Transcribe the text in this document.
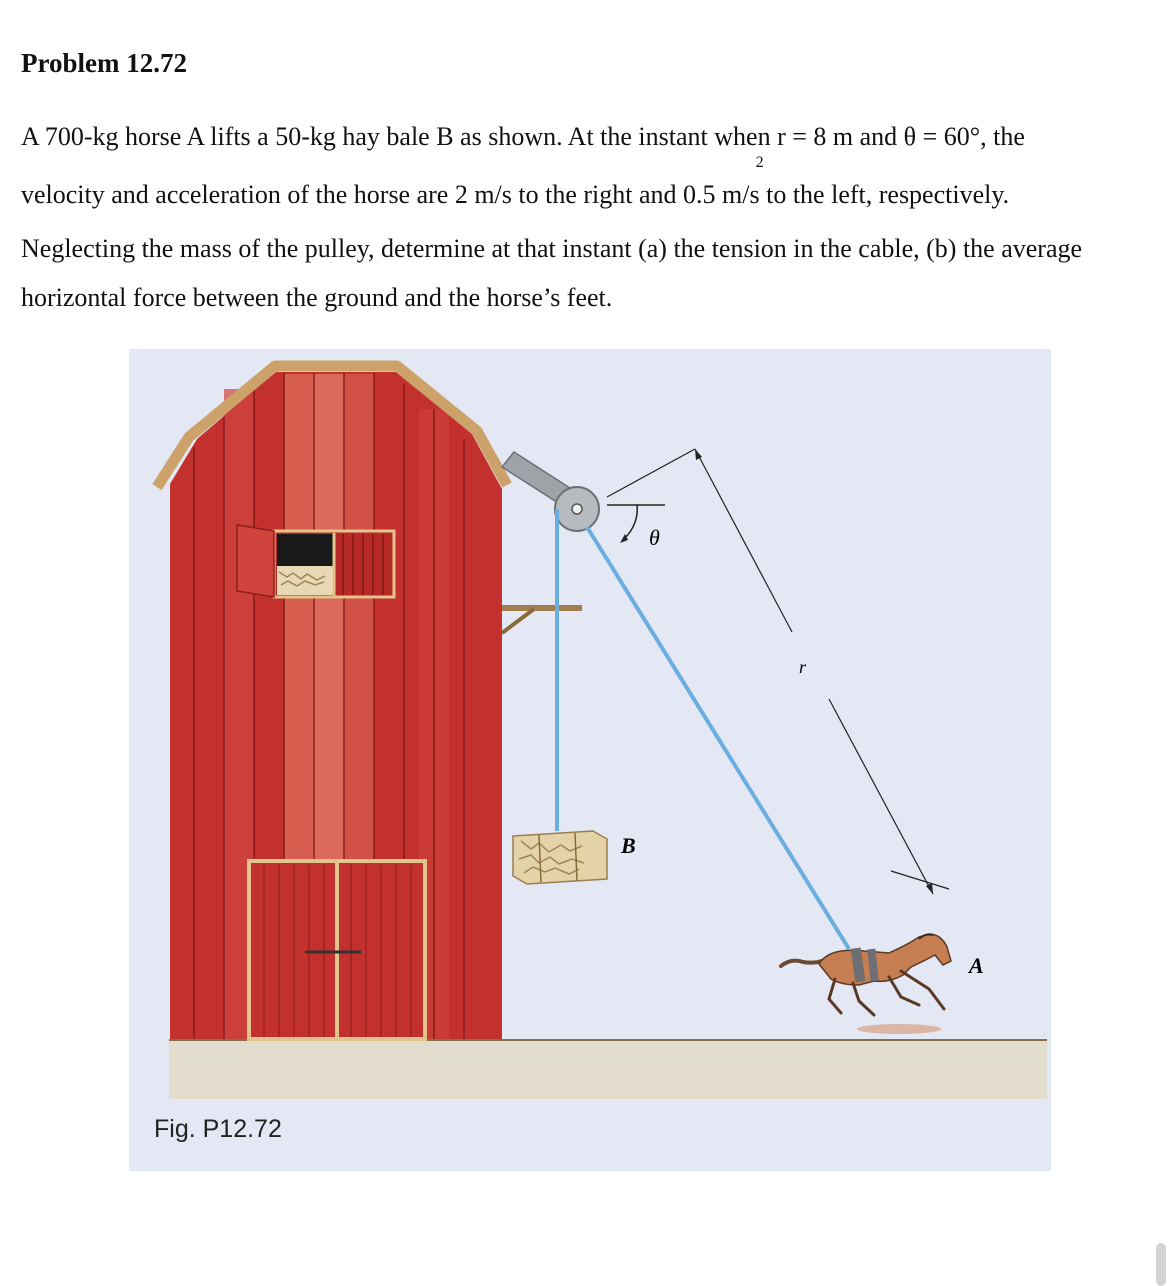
Problem 12.72

A 700-kg horse A lifts a 50-kg hay bale B as shown. At the instant when r = 8 m and θ = 60°, the

velocity and acceleration of the horse are 2 m/s to the right and 0.5 m/s
2
to the left, respectively.

Neglecting the mass of the pulley, determine at that instant (a) the tension in the cable, (b) the average

horizontal force between the ground and the horse’s feet.

θ
r
B
A

Fig. P12.72
